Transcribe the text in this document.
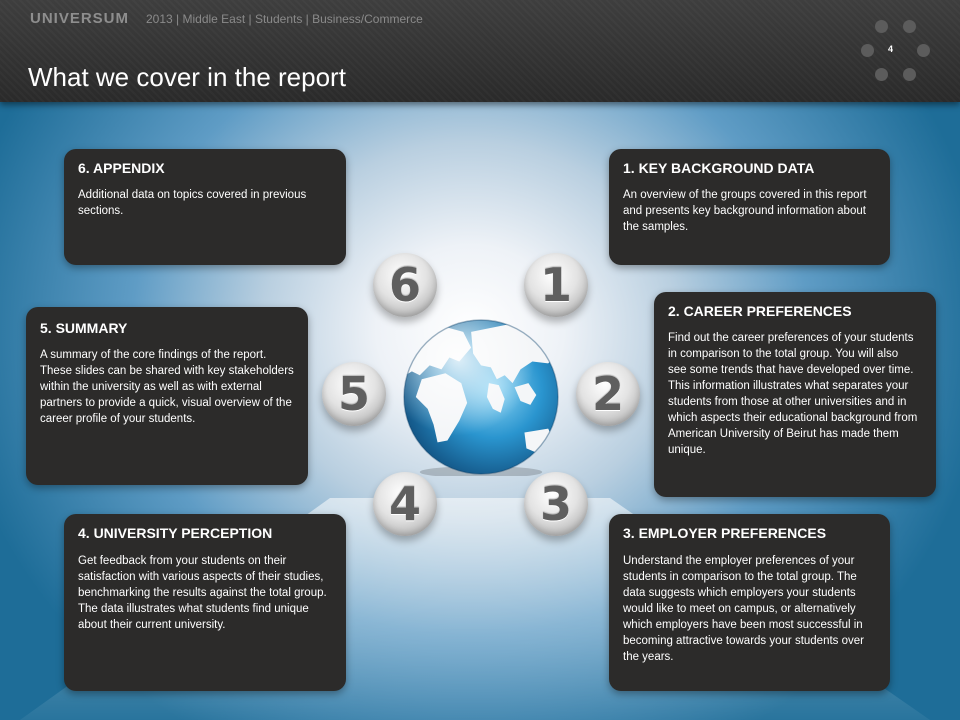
UNIVERSUM 2013 | Middle East | Students | Business/Commerce
What we cover in the report
4
6. APPENDIX

Additional data on topics covered in previous sections.

1. KEY BACKGROUND DATA

An overview of the groups covered in this report and presents key background information about the samples.

5. SUMMARY

A summary of the core findings of the report. These slides can be shared with key stakeholders within the university as well as with external partners to provide a quick, visual overview of the career profile of your students.

2. CAREER PREFERENCES

Find out the career preferences of your students in comparison to the total group. You will also see some trends that have developed over time. This information illustrates what separates your students from those at other universities and in which aspects their educational background from American University of Beirut has made them unique.

4. UNIVERSITY PERCEPTION

Get feedback from your students on their satisfaction with various aspects of their studies, benchmarking the results against the total group. The data illustrates what students find unique about their current university.

3. EMPLOYER PREFERENCES

Understand the employer preferences of your students in comparison to the total group. The data suggests which employers your students would like to meet on campus, or alternatively which employers have been most successful in becoming attractive towards your students over the years.

6	1
5	2
4	3
